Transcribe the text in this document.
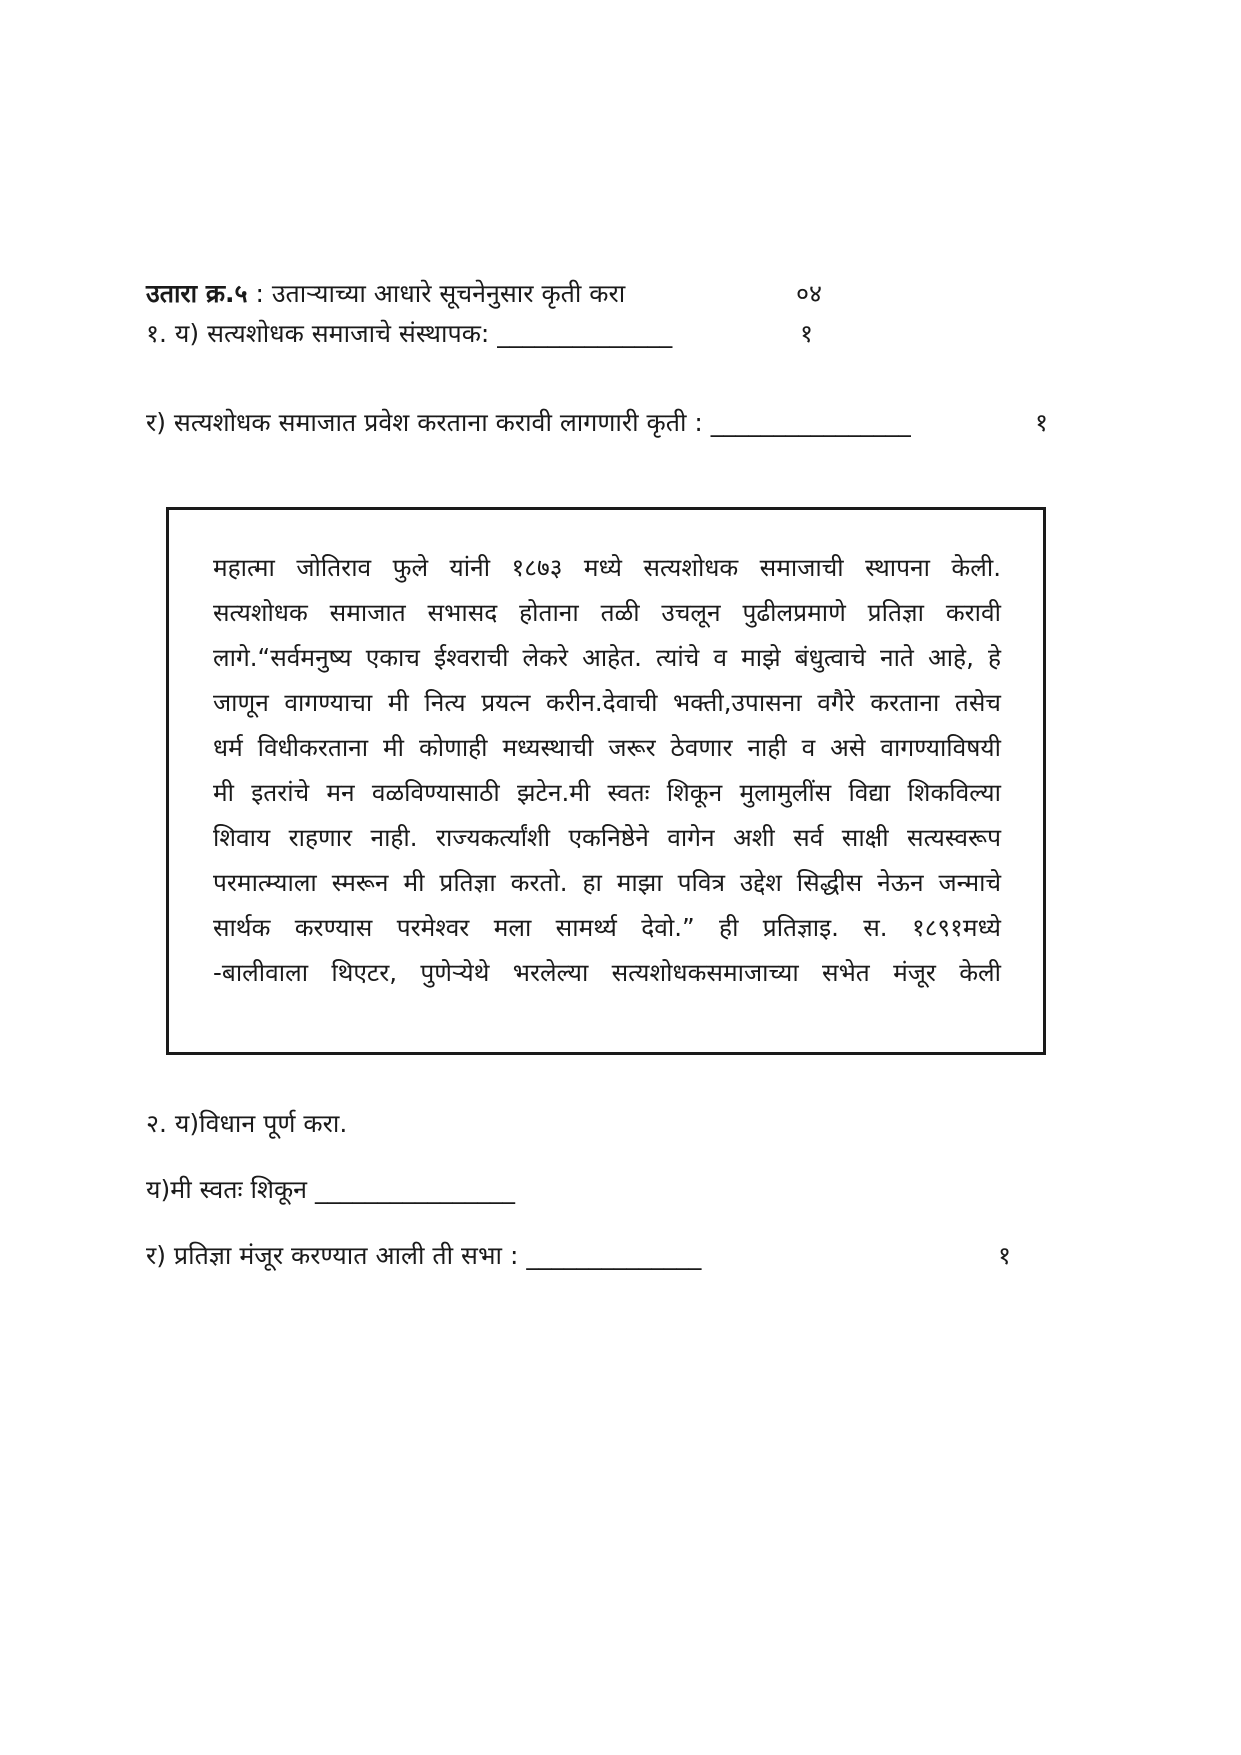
उतारा क्र.५ : उताऱ्याच्या आधारे सूचनेनुसार कृती करा	०४
१. य) सत्यशोधक समाजाचे संस्थापक: ______________	१
र) सत्यशोधक समाजात प्रवेश करताना करावी लागणारी कृती : ________________	१
महात्मा जोतिराव फुले यांनी १८७३ मध्ये सत्यशोधक समाजाची स्थापना केली.
सत्यशोधक समाजात सभासद होताना तळी उचलून पुढीलप्रमाणे प्रतिज्ञा करावी
लागे.“सर्वमनुष्य एकाच ईश्वराची लेकरे आहेत. त्यांचे व माझे बंधुत्वाचे नाते आहे, हे
जाणून वागण्याचा मी नित्य प्रयत्न करीन.देवाची भक्ती,उपासना वगैरे करताना तसेच
धर्म विधीकरताना मी कोणाही मध्यस्थाची जरूर ठेवणार नाही व असे वागण्याविषयी
मी इतरांचे मन वळविण्यासाठी झटेन.मी स्वतः शिकून मुलामुलींस विद्या शिकविल्या
शिवाय राहणार नाही. राज्यकर्त्यांशी एकनिष्ठेने वागेन अशी सर्व साक्षी सत्यस्वरूप
परमात्म्याला स्मरून मी प्रतिज्ञा करतो. हा माझा पवित्र उद्देश सिद्धीस नेऊन जन्माचे
सार्थक करण्यास परमेश्वर मला सामर्थ्य देवो.” ही प्रतिज्ञाइ. स. १८९१मध्ये
-बालीवाला थिएटर, पुणेऱ्येथे भरलेल्या सत्यशोधकसमाजाच्या सभेत मंजूर केली
२. य)विधान पूर्ण करा.
य)मी स्वतः शिकून ________________
र) प्रतिज्ञा मंजूर करण्यात आली ती सभा : ______________	१
